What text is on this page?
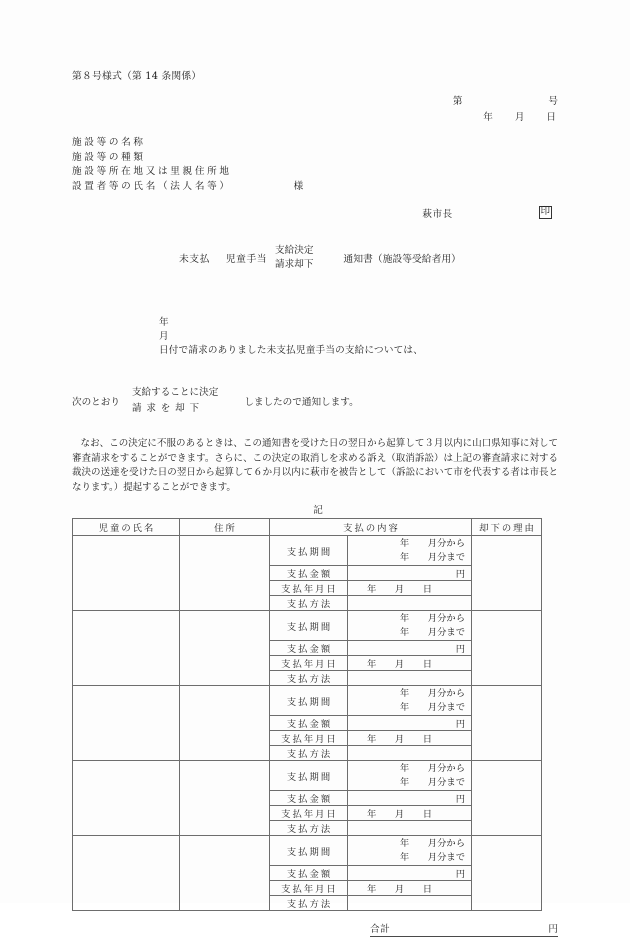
第８号様式（第 14 条関係）
第	号
年 月 日
施設等の名称
施設等の種類
施設等所在地又は里親住所地
設置者等の氏名（法人名等）	様
萩市長	印
未支払 児童手当
支給決定
請求却下	通知書（施設等受給者用）

年
月
日付で請求のありました未支払児童手当の支給については、

次のとおり
支給することに決定
請求を却下
しましたので通知します。
なお、この決定に不服のあるときは、この通知書を受けた日の翌日から起算して３月以内に山口県知事に対して審査請求をすることができます。さらに、この決定の取消しを求める訴え（取消訴訟）は上記の審査請求に対する裁決の送達を受けた日の翌日から起算して６か月以内に萩市を被告として（訴訟において市を代表する者は市長となります。）提起することができます。
記
児童の氏名	住所	支払の内容		却下の理由
		支払期間	年　　月分から
年　　月分まで	

		支払金額	円	

		支払年月日	年　　月　　日	

		支払方法		

		支払期間	年　　月分から
年　　月分まで	

		支払金額	円	

		支払年月日	年　　月　　日	

		支払方法		

		支払期間	年　　月分から
年　　月分まで	

		支払金額	円	

		支払年月日	年　　月　　日	

		支払方法		

		支払期間	年　　月分から
年　　月分まで	

		支払金額	円	

		支払年月日	年　　月　　日	

		支払方法		

		支払期間	年　　月分から
年　　月分まで	

		支払金額	円	

		支払年月日	年　　月　　日	

		支払方法		
合計	円
